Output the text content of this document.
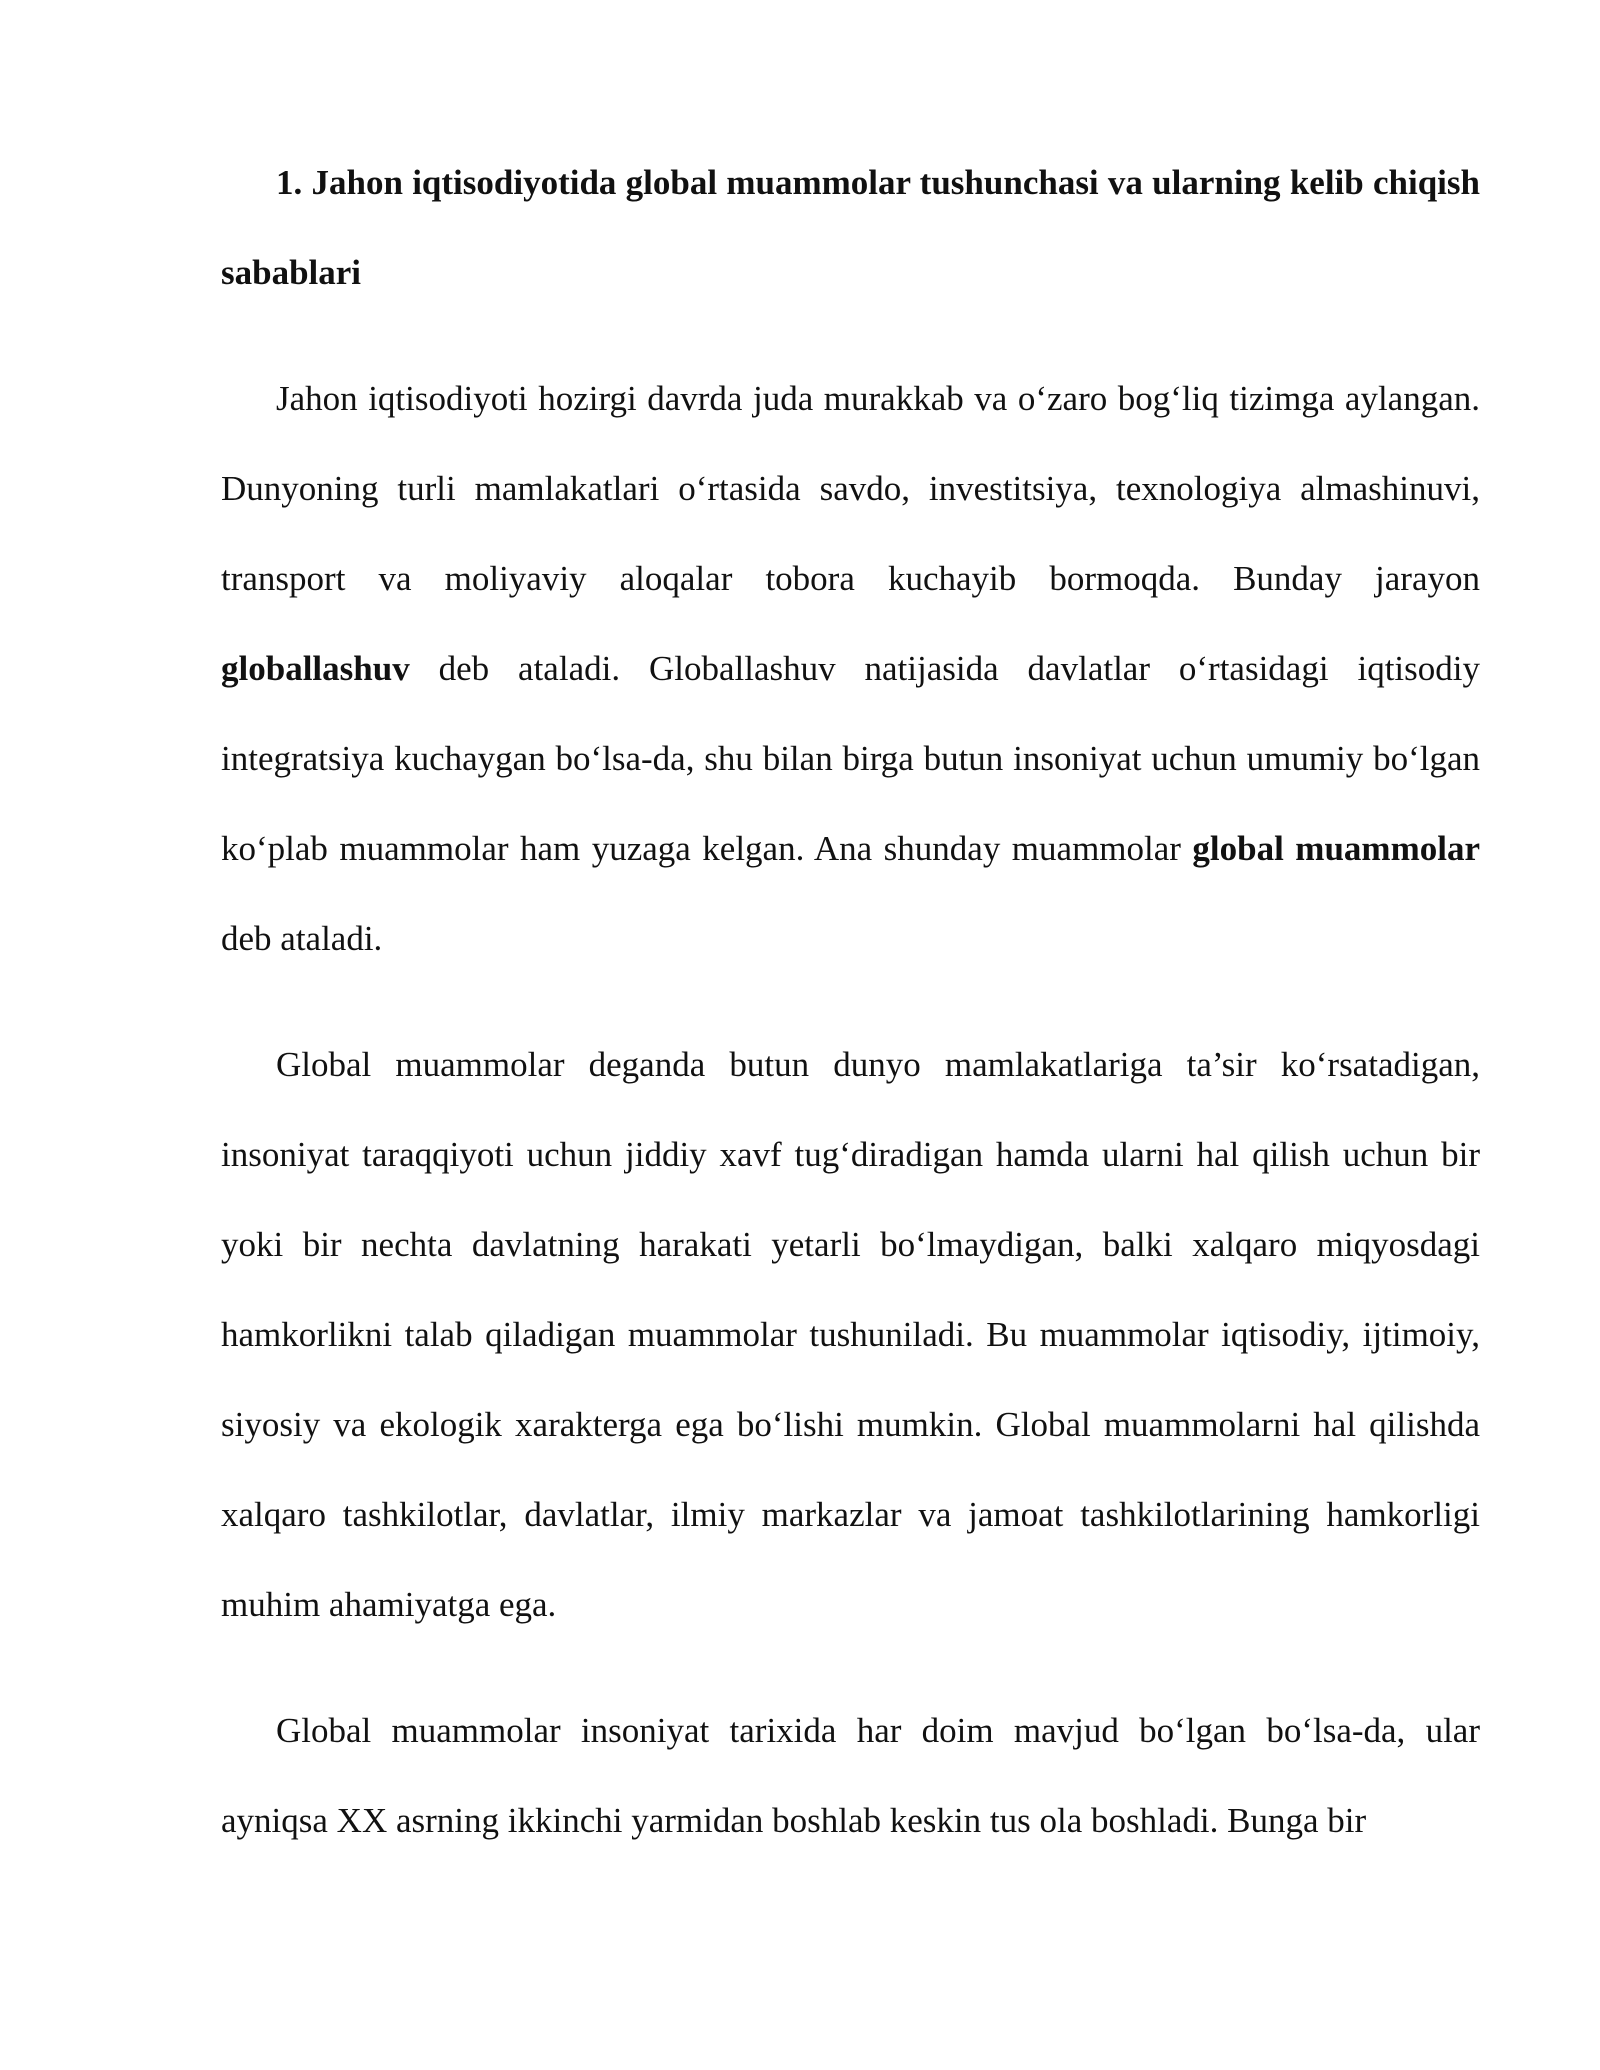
1. Jahon iqtisodiyotida global muammolar tushunchasi va ularning kelib chiqish sabablari

Jahon iqtisodiyoti hozirgi davrda juda murakkab va o‘zaro bog‘liq tizimga aylangan. Dunyoning turli mamlakatlari o‘rtasida savdo, investitsiya, texnologiya almashinuvi, transport va moliyaviy aloqalar tobora kuchayib bormoqda. Bunday jarayon globallashuv deb ataladi. Globallashuv natijasida davlatlar o‘rtasidagi iqtisodiy integratsiya kuchaygan bo‘lsa-da, shu bilan birga butun insoniyat uchun umumiy bo‘lgan ko‘plab muammolar ham yuzaga kelgan. Ana shunday muammolar global muammolar deb ataladi.

Global muammolar deganda butun dunyo mamlakatlariga ta’sir ko‘rsatadigan, insoniyat taraqqiyoti uchun jiddiy xavf tug‘diradigan hamda ularni hal qilish uchun bir yoki bir nechta davlatning harakati yetarli bo‘lmaydigan, balki xalqaro miqyosdagi hamkorlikni talab qiladigan muammolar tushuniladi. Bu muammolar iqtisodiy, ijtimoiy, siyosiy va ekologik xarakterga ega bo‘lishi mumkin. Global muammolarni hal qilishda xalqaro tashkilotlar, davlatlar, ilmiy markazlar va jamoat tashkilotlarining hamkorligi muhim ahamiyatga ega.

Global muammolar insoniyat tarixida har doim mavjud bo‘lgan bo‘lsa-da, ular ayniqsa XX asrning ikkinchi yarmidan boshlab keskin tus ola boshladi. Bunga bir
